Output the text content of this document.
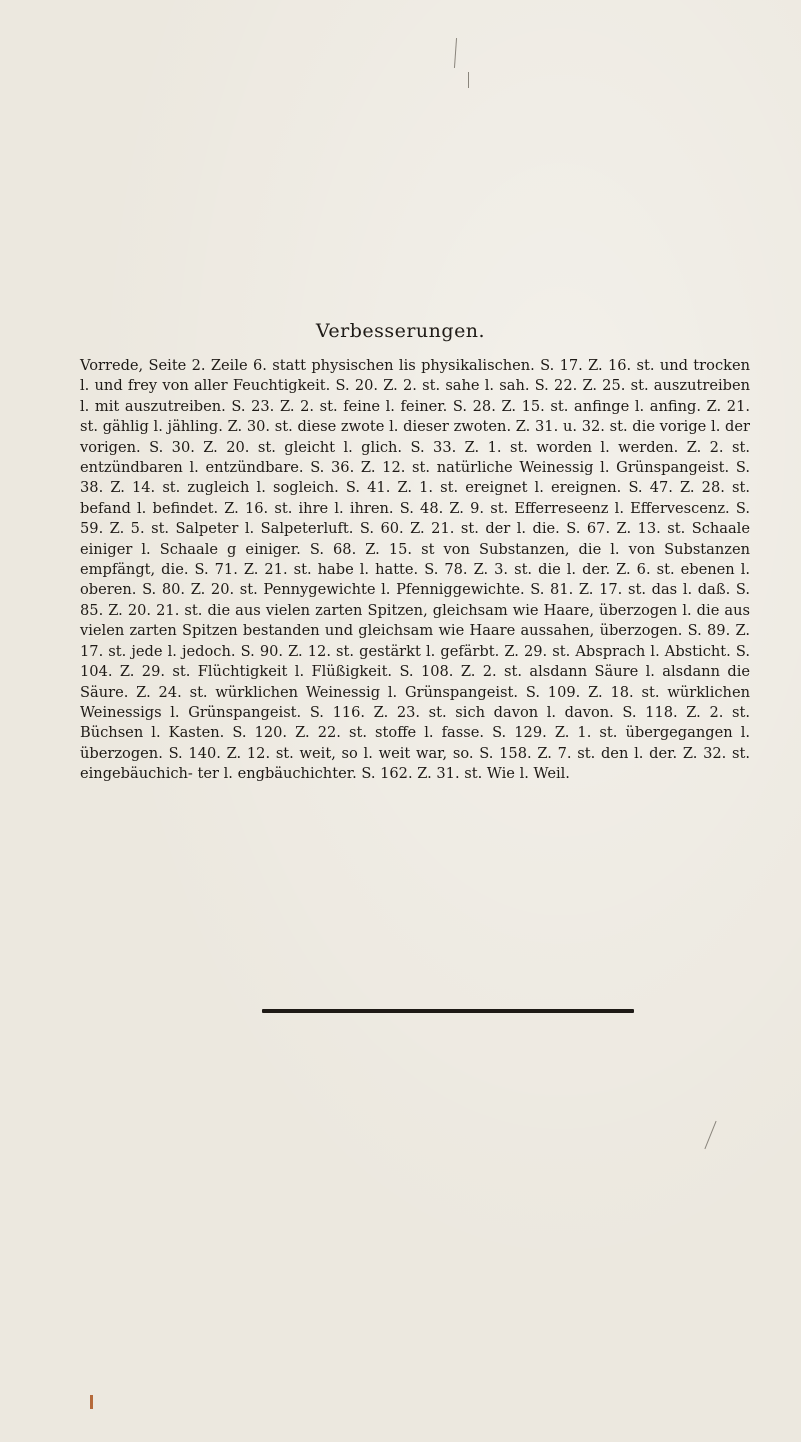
Verbesserungen.

Vorrede, Seite 2. Zeile 6. statt physischen lis physikalischen. S. 17. Z. 16. st. und trocken l. und frey von aller Feuchtigkeit. S. 20. Z. 2. st. sahe l. sah. S. 22. Z. 25. st. auszutreiben l. mit auszutreiben. S. 23. Z. 2. st. feine l. feiner. S. 28. Z. 15. st. anfinge l. anfing. Z. 21. st. gählig l. jähling. Z. 30. st. diese zwote l. dieser zwoten. Z. 31. u. 32. st. die vorige l. der vorigen. S. 30. Z. 20. st. gleicht l. glich. S. 33. Z. 1. st. worden l. werden. Z. 2. st. entzündbaren l. entzündbare. S. 36. Z. 12. st. natürliche Weinessig l. Grünspangeist. S. 38. Z. 14. st. zugleich l. sogleich. S. 41. Z. 1. st. ereignet l. ereignen. S. 47. Z. 28. st. befand l. befindet. Z. 16. st. ihre l. ihren. S. 48. Z. 9. st. Efferreseenz l. Effervescenz. S. 59. Z. 5. st. Salpeter l. Salpeterluft. S. 60. Z. 21. st. der l. die. S. 67. Z. 13. st. Schaale einiger l. Schaale g einiger. S. 68. Z. 15. st von Substanzen, die l. von Substanzen empfängt, die. S. 71. Z. 21. st. habe l. hatte. S. 78. Z. 3. st. die l. der. Z. 6. st. ebenen l. oberen. S. 80. Z. 20. st. Pennygewichte l. Pfenniggewichte. S. 81. Z. 17. st. das l. daß. S. 85. Z. 20. 21. st. die aus vielen zarten Spitzen, gleichsam wie Haare, überzogen l. die aus vielen zarten Spitzen bestanden und gleichsam wie Haare aussahen, überzogen. S. 89. Z. 17. st. jede l. jedoch. S. 90. Z. 12. st. gestärkt l. gefärbt. Z. 29. st. Absprach l. Absticht. S. 104. Z. 29. st. Flüchtigkeit l. Flüßigkeit. S. 108. Z. 2. st. alsdann Säure l. alsdann die Säure. Z. 24. st. würklichen Weinessig l. Grünspangeist. S. 109. Z. 18. st. würklichen Weinessigs l. Grünspangeist. S. 116. Z. 23. st. sich davon l. davon. S. 118. Z. 2. st. Büchsen l. Kasten. S. 120. Z. 22. st. stoffe l. fasse. S. 129. Z. 1. st. übergegangen l. überzogen. S. 140. Z. 12. st. weit, so l. weit war, so. S. 158. Z. 7. st. den l. der. Z. 32. st. eingebäuchich- ter l. engbäuchichter. S. 162. Z. 31. st. Wie l. Weil.
